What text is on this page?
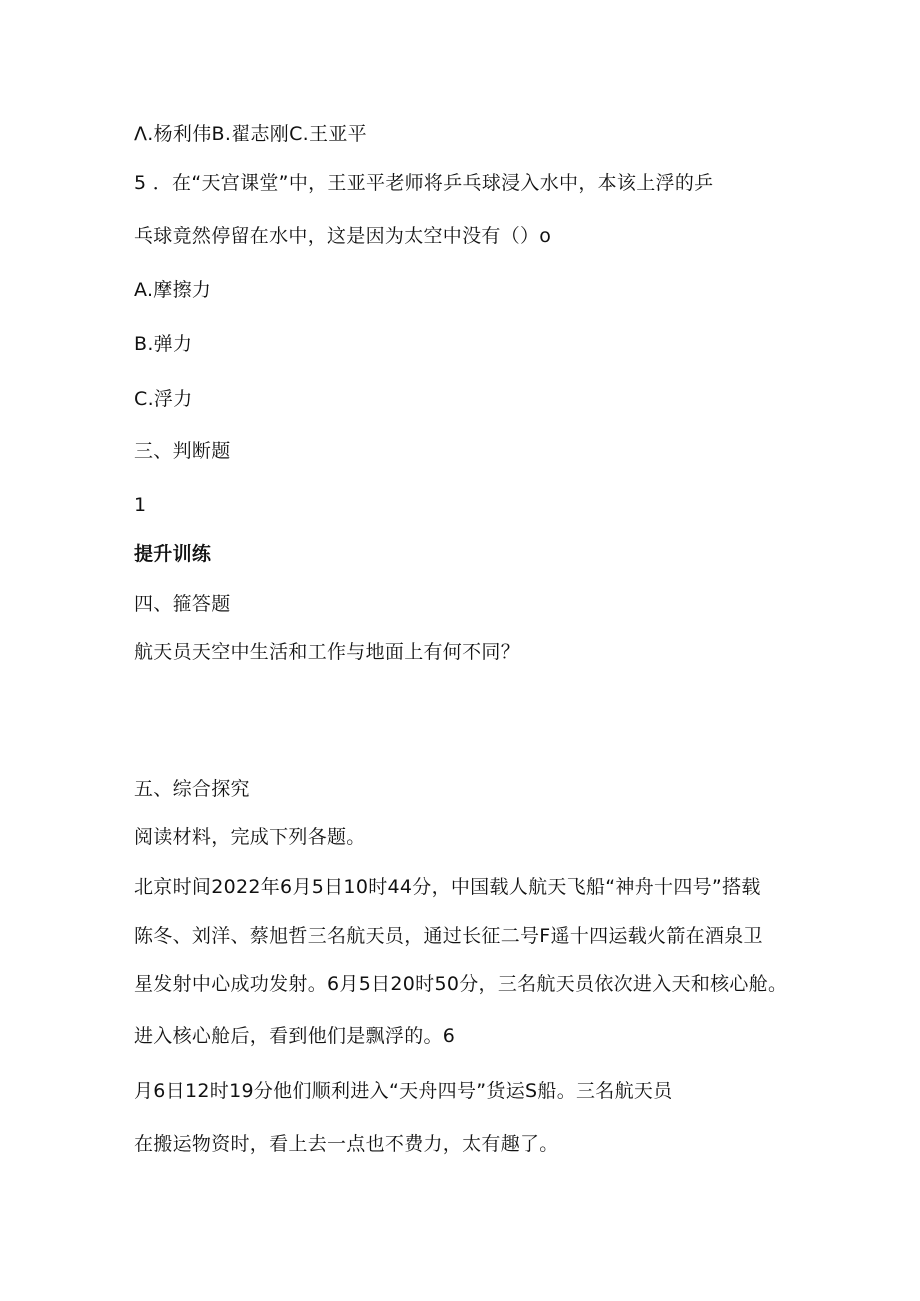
Λ.杨利伟B.翟志刚C.王亚平
5 ．在“天宫课堂”中，王亚平老师将乒乓球浸入水中，本该上浮的乒
乓球竟然停留在水中，这是因为太空中没有（）o
A.摩擦力
B.弹力
C.浮力
三、判断题
1
提升训练
四、箍答题
航天员天空中生活和工作与地面上有何不同？
五、综合探究
阅读材料，完成下列各题。
北京时间2022年6月5日10时44分，中国载人航天飞船“神舟十四号”搭载
陈冬、刘洋、蔡旭哲三名航天员，通过长征二号F遥十四运载火箭在酒泉卫
星发射中心成功发射。6月5日20时50分，三名航天员依次进入天和核心舱。
进入核心舱后，看到他们是飘浮的。6
月6日12时19分他们顺利进入“天舟四号”货运S船。三名航天员
在搬运物资时，看上去一点也不费力，太有趣了。
